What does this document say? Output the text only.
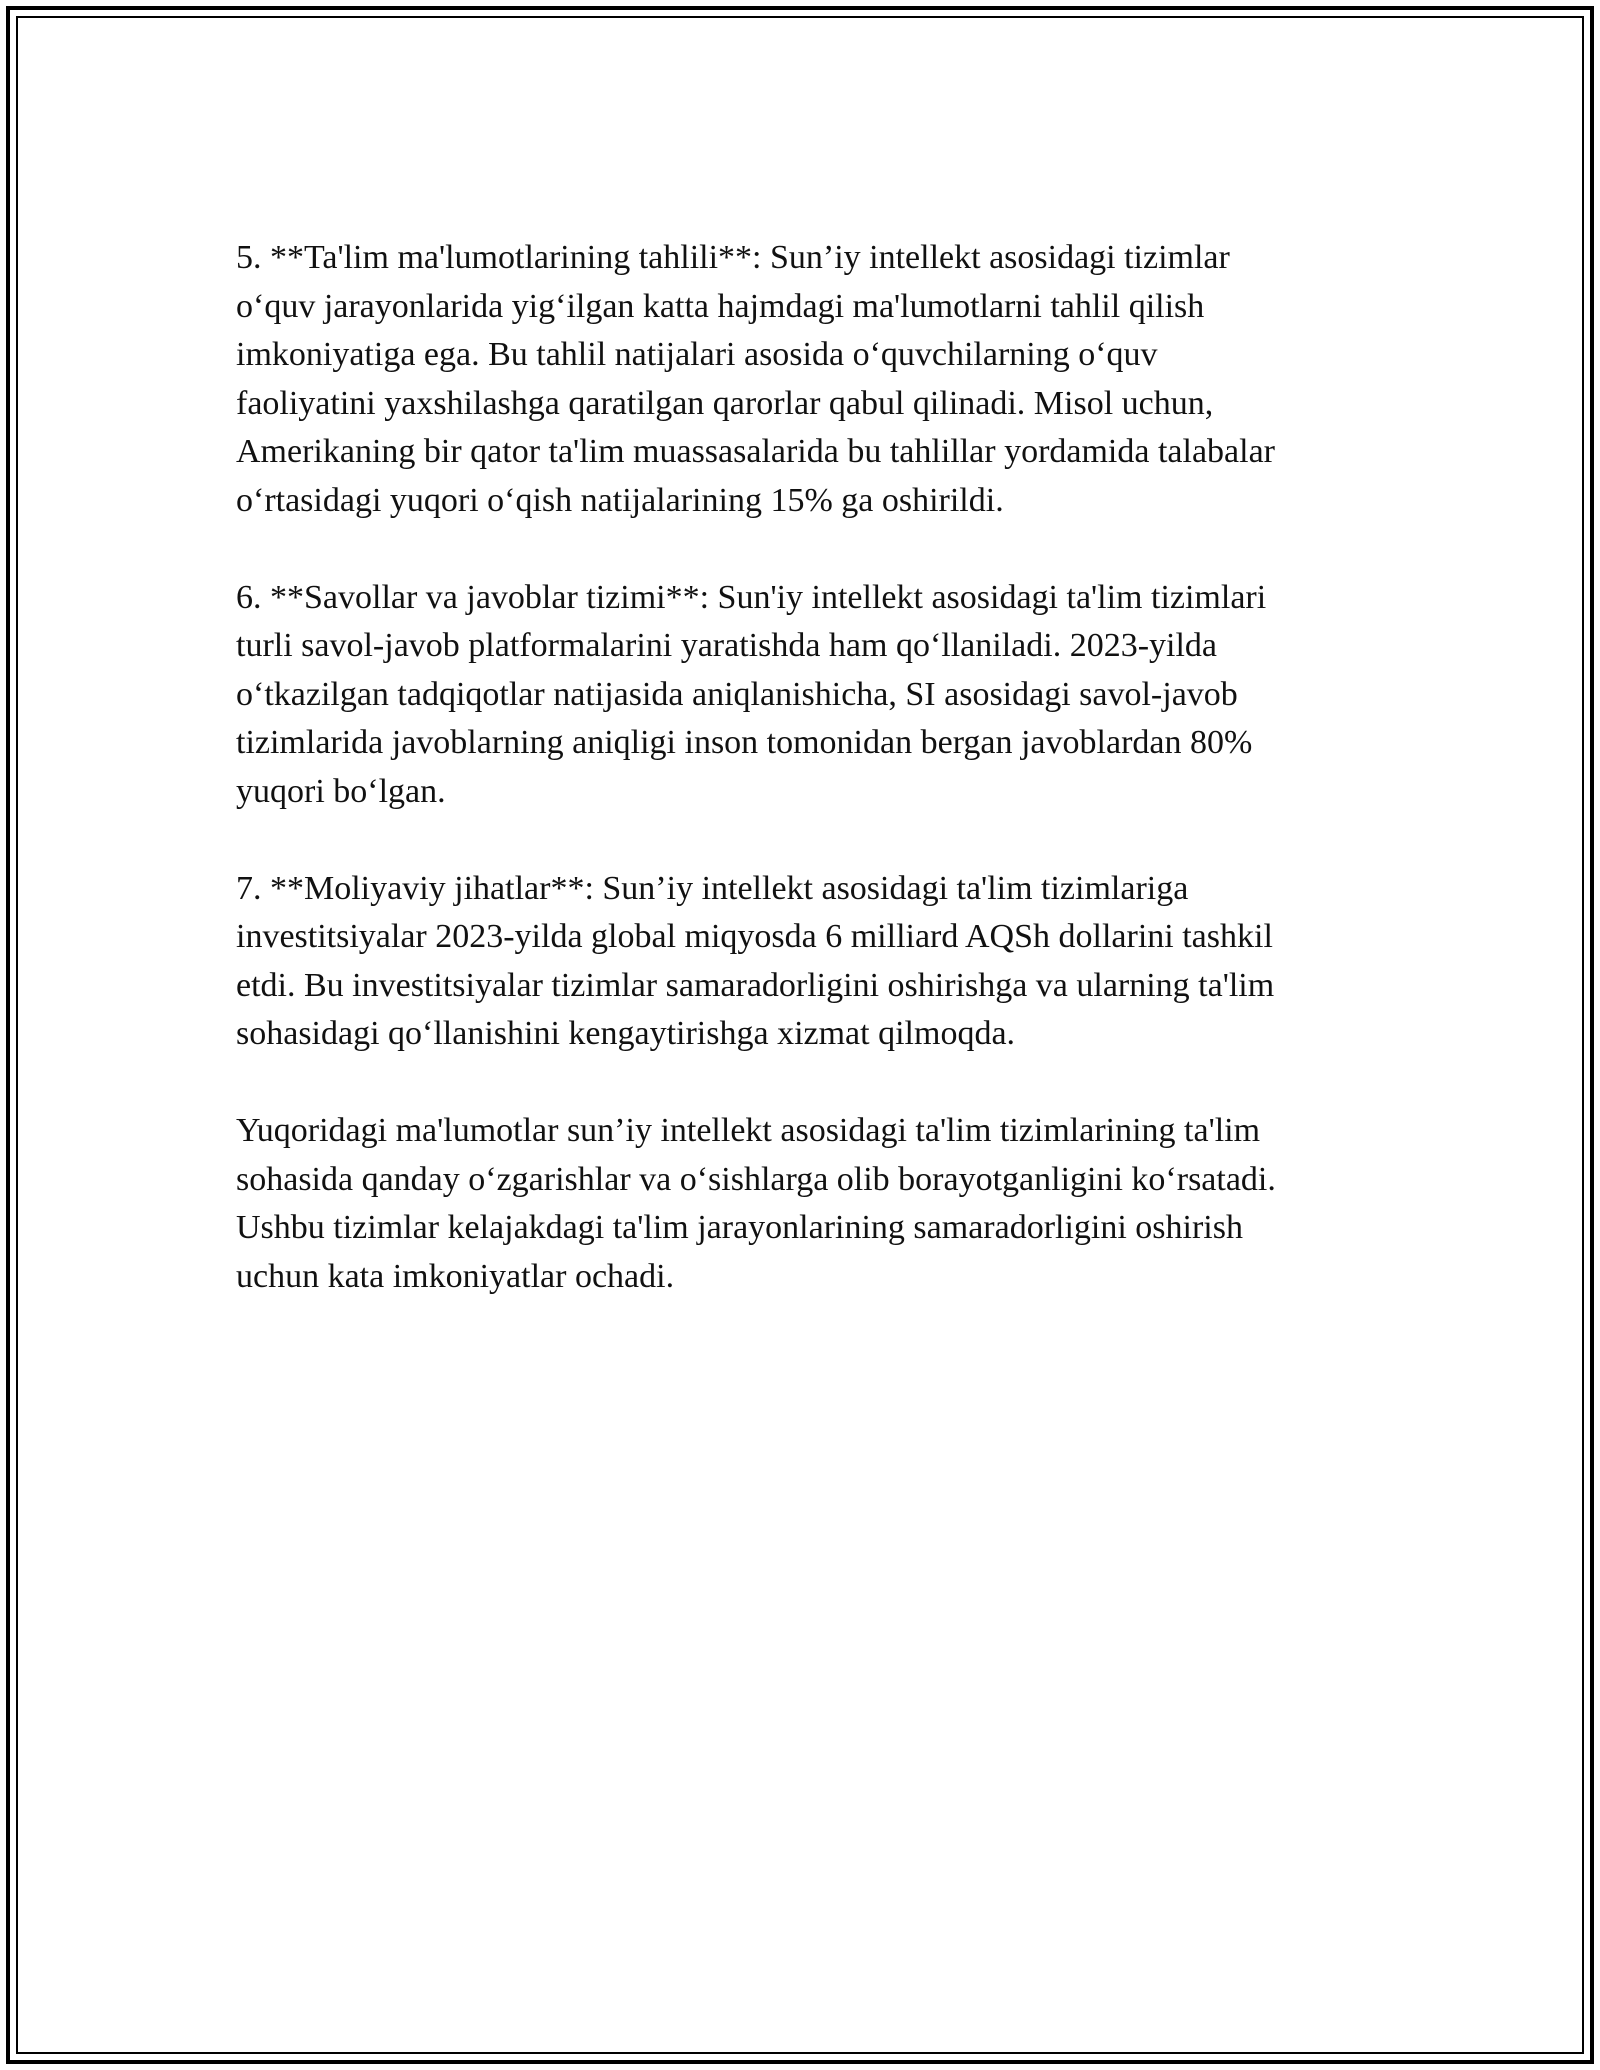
5. **Ta'lim ma'lumotlarining tahlili**: Sun’iy intellekt asosidagi tizimlar
o‘quv jarayonlarida yig‘ilgan katta hajmdagi ma'lumotlarni tahlil qilish
imkoniyatiga ega. Bu tahlil natijalari asosida o‘quvchilarning o‘quv
faoliyatini yaxshilashga qaratilgan qarorlar qabul qilinadi. Misol uchun,
Amerikaning bir qator ta'lim muassasalarida bu tahlillar yordamida talabalar
o‘rtasidagi yuqori o‘qish natijalarining 15% ga oshirildi.

6. **Savollar va javoblar tizimi**: Sun'iy intellekt asosidagi ta'lim tizimlari
turli savol-javob platformalarini yaratishda ham qo‘llaniladi. 2023-yilda
o‘tkazilgan tadqiqotlar natijasida aniqlanishicha, SI asosidagi savol-javob
tizimlarida javoblarning aniqligi inson tomonidan bergan javoblardan 80%
yuqori bo‘lgan.

7. **Moliyaviy jihatlar**: Sun’iy intellekt asosidagi ta'lim tizimlariga
investitsiyalar 2023-yilda global miqyosda 6 milliard AQSh dollarini tashkil
etdi. Bu investitsiyalar tizimlar samaradorligini oshirishga va ularning ta'lim
sohasidagi qo‘llanishini kengaytirishga xizmat qilmoqda.

Yuqoridagi ma'lumotlar sun’iy intellekt asosidagi ta'lim tizimlarining ta'lim
sohasida qanday o‘zgarishlar va o‘sishlarga olib borayotganligini ko‘rsatadi.
Ushbu tizimlar kelajakdagi ta'lim jarayonlarining samaradorligini oshirish
uchun kata imkoniyatlar ochadi.
